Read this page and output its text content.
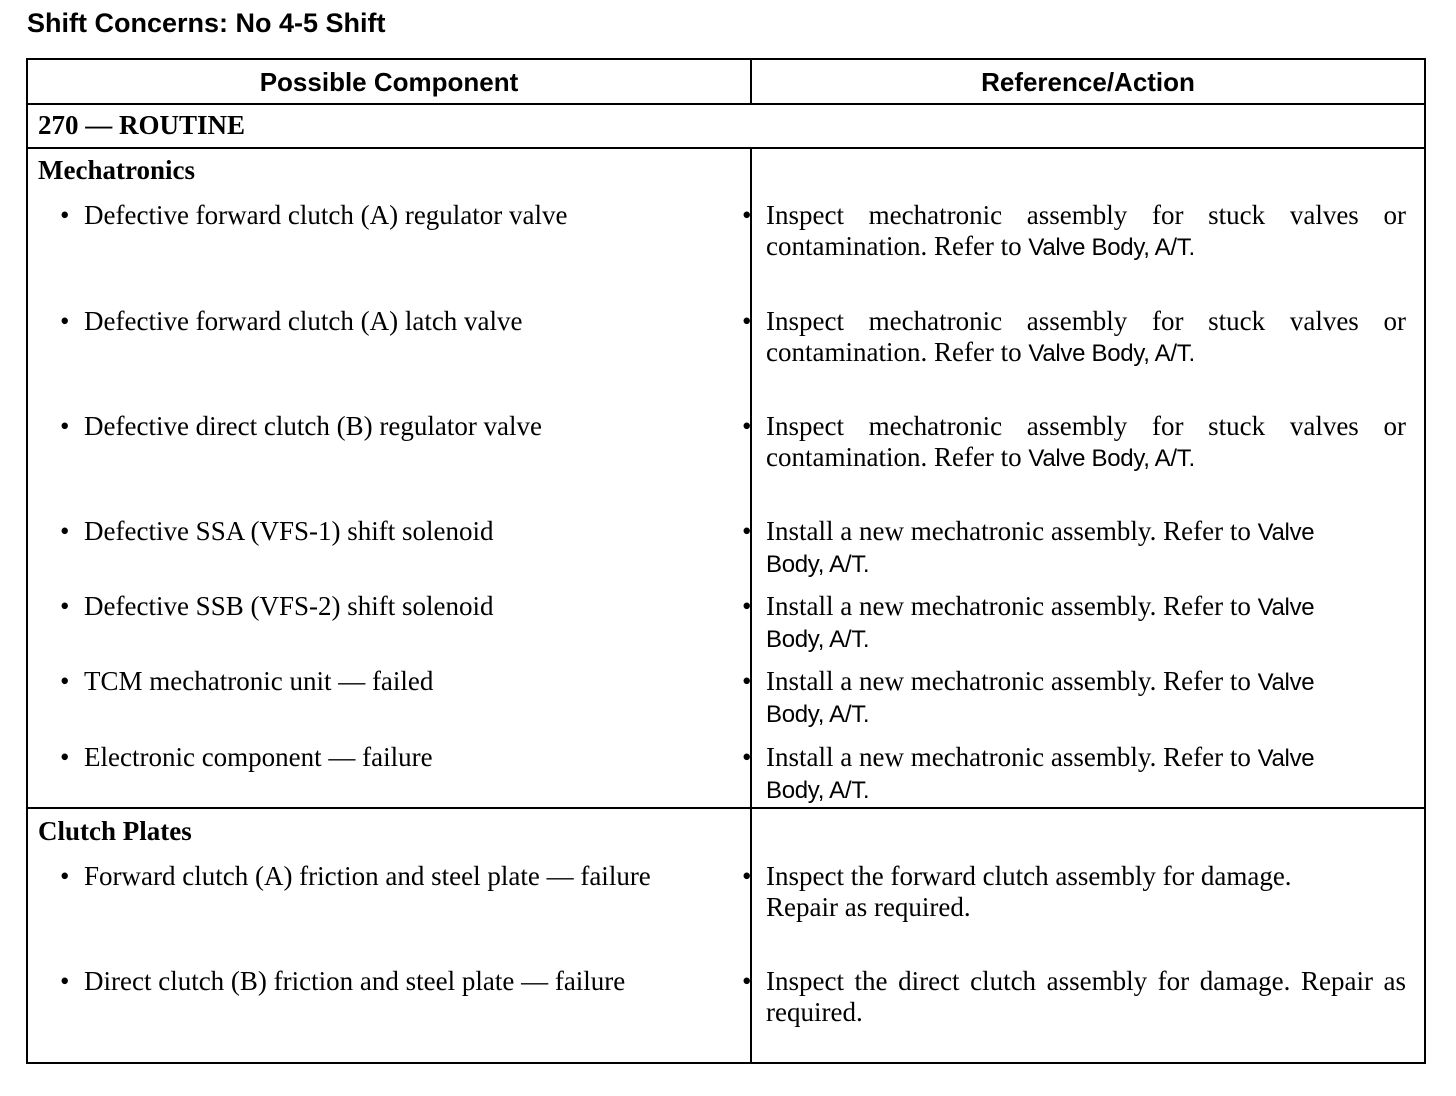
Shift Concerns: No 4-5 Shift
Possible Component	Reference/Action
270 — ROUTINE
Mechatronics
• Defective forward clutch (A) regulator valve	• Inspect mechatronic assembly for stuck valves or contamination. Refer to Valve Body, A/T.
• Defective forward clutch (A) latch valve	• Inspect mechatronic assembly for stuck valves or contamination. Refer to Valve Body, A/T.
• Defective direct clutch (B) regulator valve	• Inspect mechatronic assembly for stuck valves or contamination. Refer to Valve Body, A/T.
• Defective SSA (VFS-1) shift solenoid	• Install a new mechatronic assembly. Refer to Valve Body, A/T.
• Defective SSB (VFS-2) shift solenoid	• Install a new mechatronic assembly. Refer to Valve Body, A/T.
• TCM mechatronic unit — failed	• Install a new mechatronic assembly. Refer to Valve Body, A/T.
• Electronic component — failure	• Install a new mechatronic assembly. Refer to Valve Body, A/T.
Clutch Plates
• Forward clutch (A) friction and steel plate — failure	• Inspect the forward clutch assembly for damage. Repair as required.
• Direct clutch (B) friction and steel plate — failure	• Inspect the direct clutch assembly for damage. Repair as required.
